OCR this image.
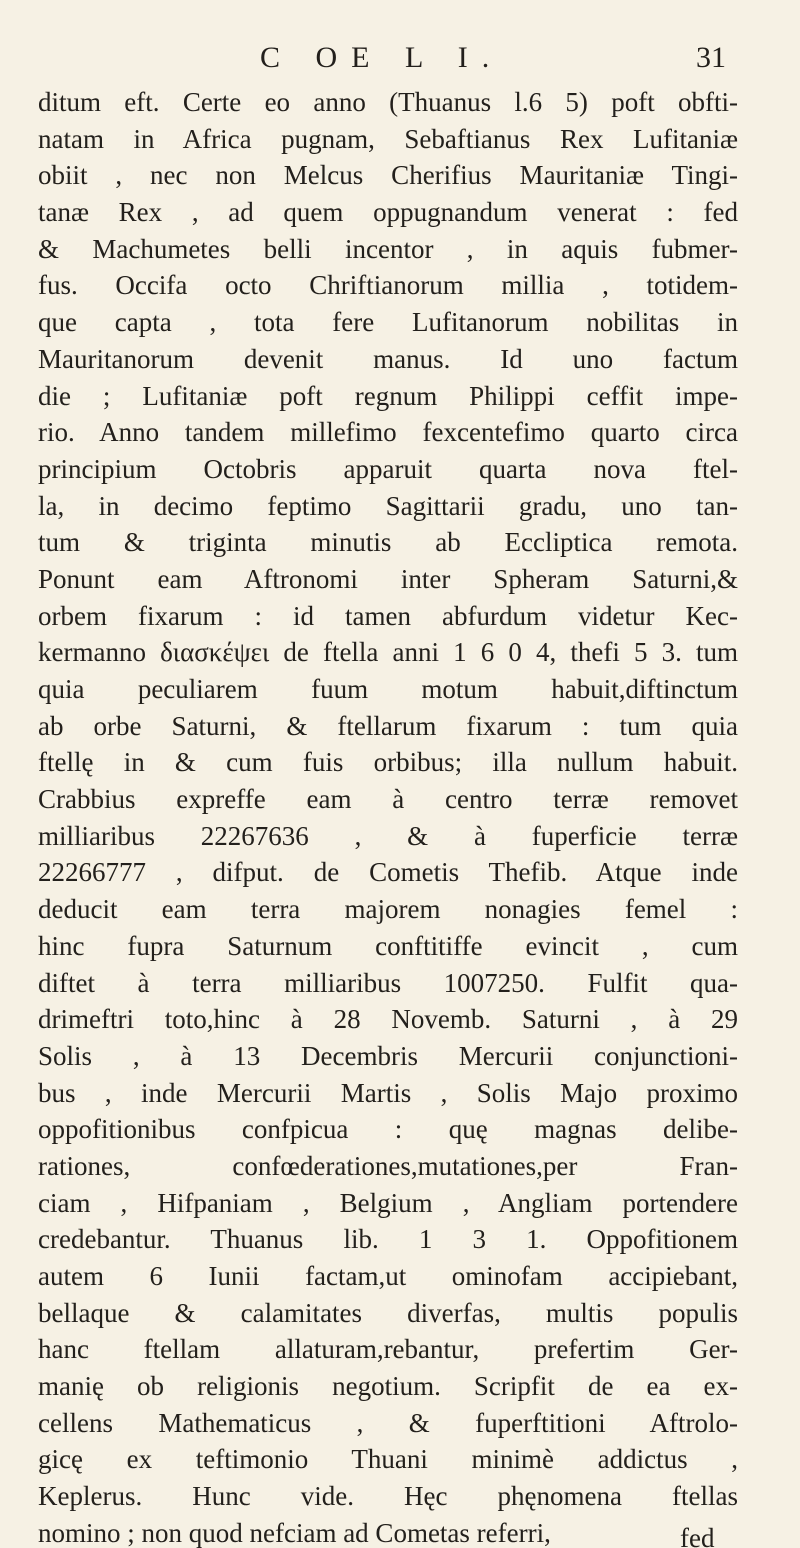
C OE L I.	31
ditum eft. Certe eo anno (Thuanus l.6 5) poft obfti-
natam in Africa pugnam, Sebaftianus Rex Lufitaniæ
obiit , nec non Melcus Cherifius Mauritaniæ Tingi-
tanæ Rex , ad quem oppugnandum venerat : fed
& Machumetes belli incentor , in aquis fubmer-
fus. Occifa octo Chriftianorum millia , totidem-
que capta , tota fere Lufitanorum nobilitas in
Mauritanorum devenit manus. Id uno factum
die ; Lufitaniæ poft regnum Philippi ceffit impe-
rio. Anno tandem millefimo fexcentefimo quarto circa
principium Octobris apparuit quarta nova ftel-
la, in decimo feptimo Sagittarii gradu, uno tan-
tum & triginta minutis ab Eccliptica remota.
Ponunt eam Aftronomi inter Spheram Saturni,&
orbem fixarum : id tamen abfurdum videtur Kec-
kermanno διασκέψει de ftella anni 1 6 0 4, thefi 5 3. tum
quia peculiarem fuum motum habuit,diftinctum
ab orbe Saturni, & ftellarum fixarum : tum quia
ftellę in & cum fuis orbibus; illa nullum habuit.
Crabbius expreffe eam à centro terræ removet
milliaribus 22267636 , & à fuperficie terræ
22266777 , difput. de Cometis Thefib. Atque inde
deducit eam terra majorem nonagies femel :
hinc fupra Saturnum conftitiffe evincit , cum
diftet à terra milliaribus 1007250. Fulfit qua-
drimeftri toto,hinc à 28 Novemb. Saturni , à 29
Solis , à 13 Decembris Mercurii conjunctioni-
bus , inde Mercurii Martis , Solis Majo proximo
oppofitionibus confpicua : quę magnas delibe-
rationes, confœderationes,mutationes,per Fran-
ciam , Hifpaniam , Belgium , Angliam portendere
credebantur. Thuanus lib. 1 3 1. Oppofitionem
autem 6 Iunii factam,ut ominofam accipiebant,
bellaque & calamitates diverfas, multis populis
hanc ftellam allaturam,rebantur, prefertim Ger-
manię ob religionis negotium. Scripfit de ea ex-
cellens Mathematicus , & fuperftitioni Aftrolo-
gicę ex teftimonio Thuani minimè addictus ,
Keplerus. Hunc vide. Hęc phęnomena ftellas
nomino ; non quod nefciam ad Cometas referri,	fed
